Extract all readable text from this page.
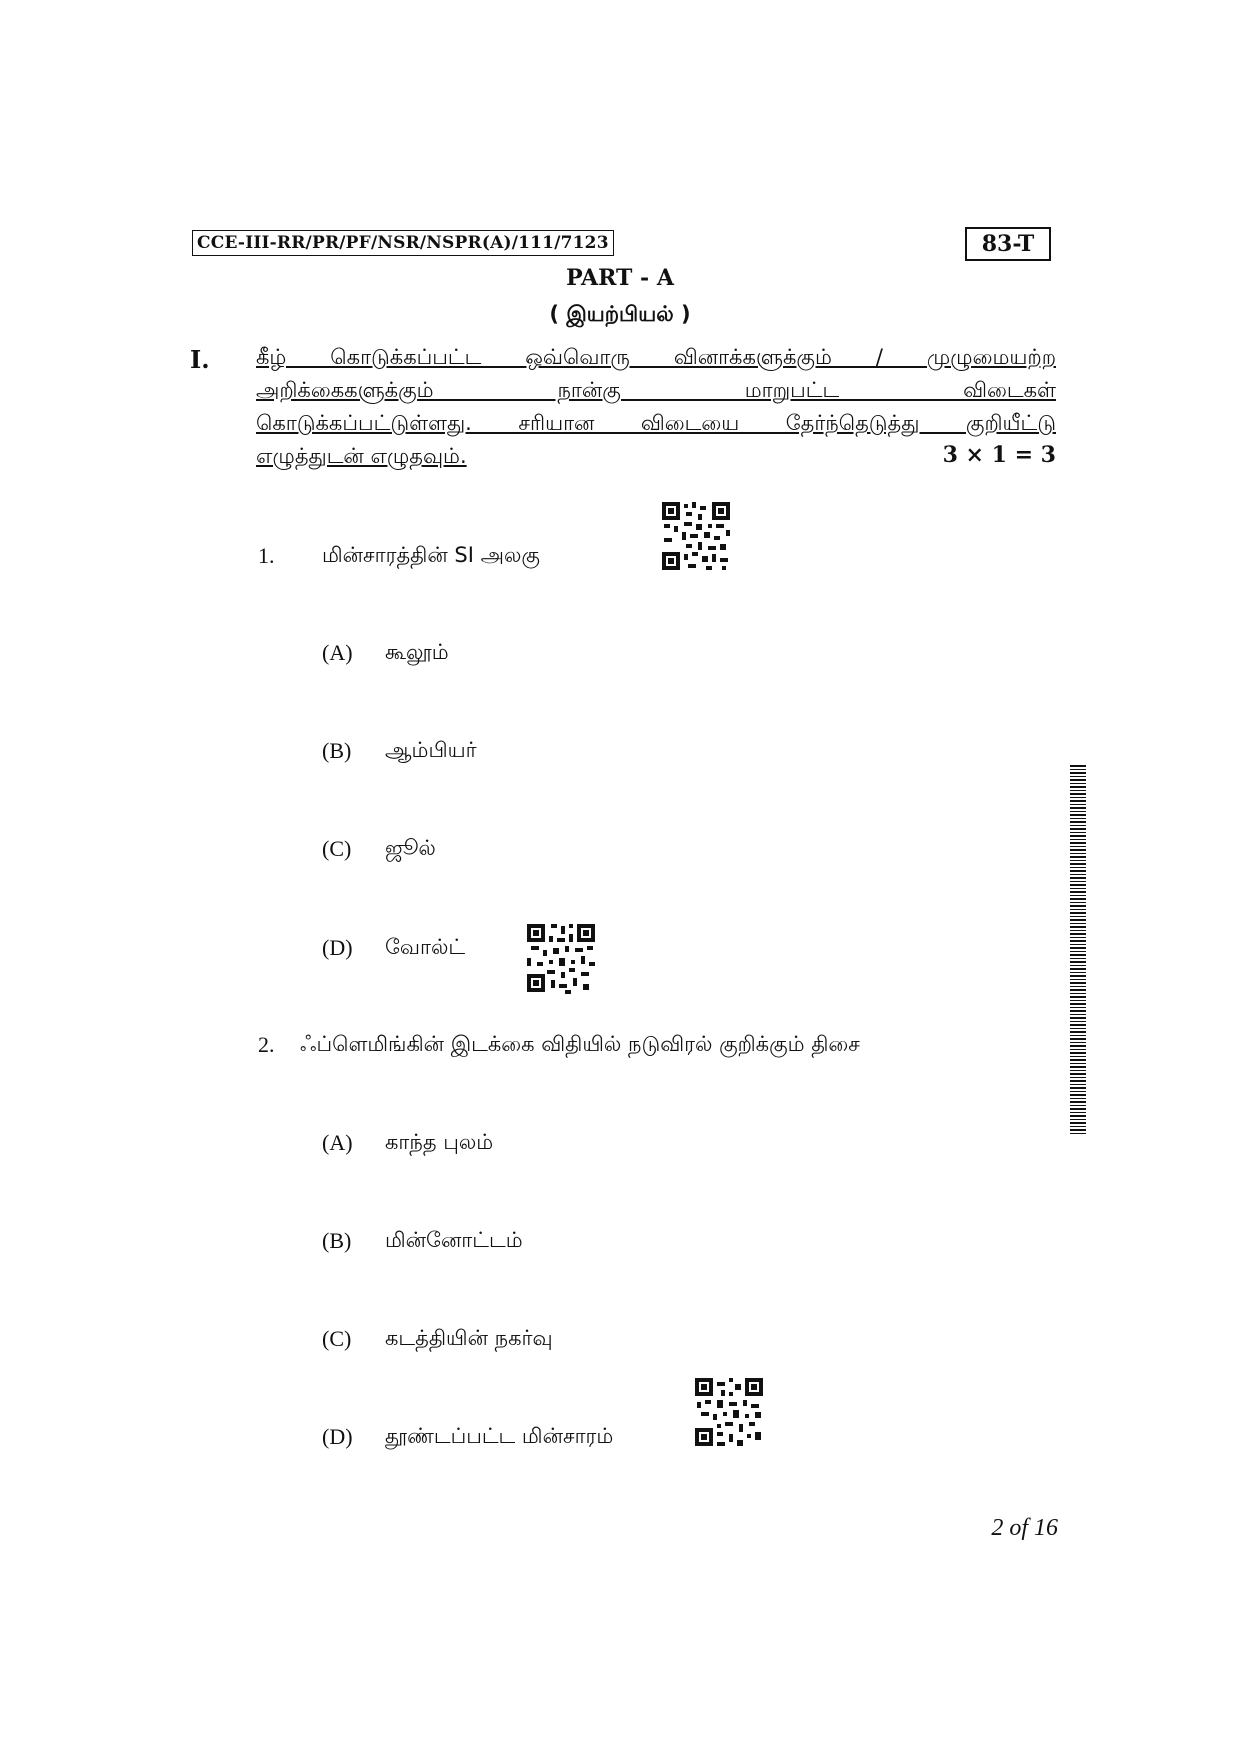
CCE-III-RR/PR/PF/NSR/NSPR(A)/111/7123	83-T
PART - A
( இயற்பியல் )
I. கீழ் கொடுக்கப்பட்ட ஒவ்வொரு வினாக்களுக்கும் / முழுமையற்ற
அறிக்கைகளுக்கும் நான்கு மாறுபட்ட விடைகள்
கொடுக்கப்பட்டுள்ளது. சரியான விடையை தேர்ந்தெடுத்து குறியீட்டு
எழுத்துடன் எழுதவும்.	3 × 1 = 3
1. மின்சாரத்தின் SI அலகு
(A) கூலூம்
(B) ஆம்பியர்
(C) ஜூல்
(D) வோல்ட்
2. ஃப்ளெமிங்கின் இடக்கை விதியில் நடுவிரல் குறிக்கும் திசை
(A) காந்த புலம்
(B) மின்னோட்டம்
(C) கடத்தியின் நகர்வு
(D) தூண்டப்பட்ட மின்சாரம்
2 of 16
